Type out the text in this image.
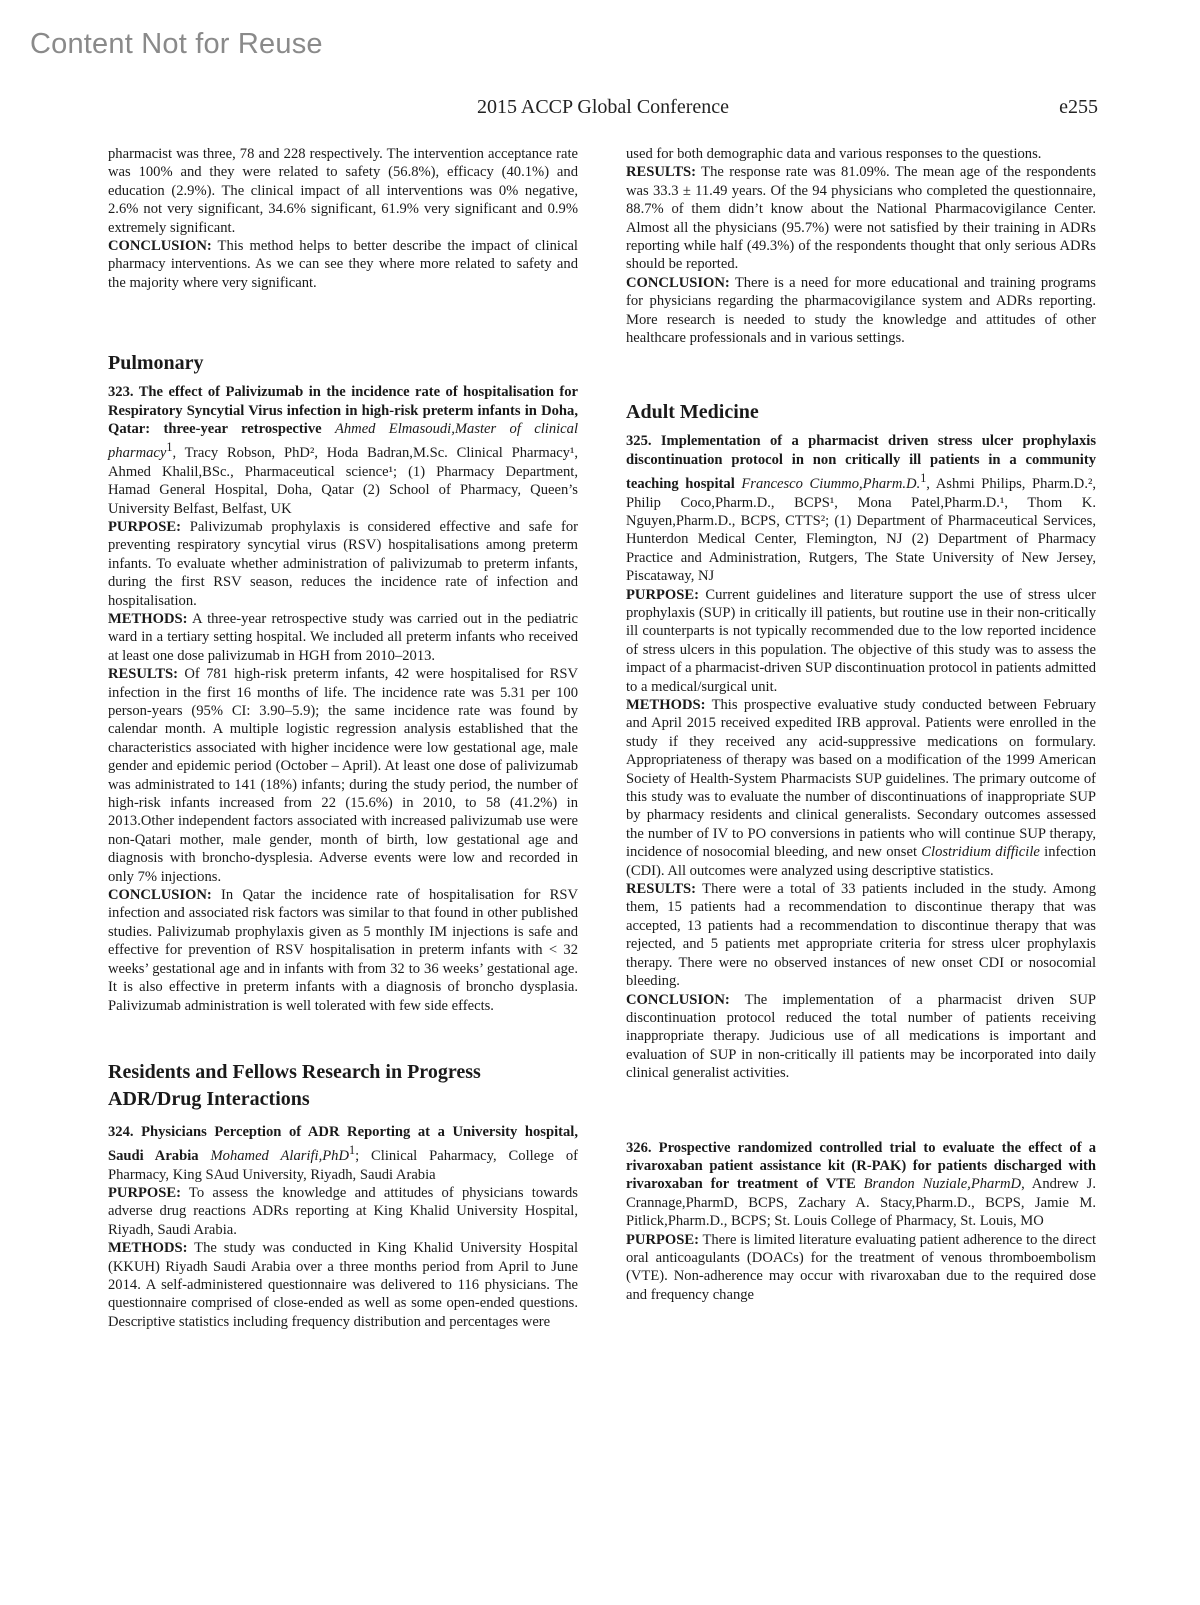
Content Not for Reuse
2015 ACCP Global Conference	e255

pharmacist was three, 78 and 228 respectively. The intervention acceptance rate was 100% and they were related to safety (56.8%), efficacy (40.1%) and education (2.9%). The clinical impact of all interventions was 0% negative, 2.6% not very significant, 34.6% significant, 61.9% very significant and 0.9% extremely significant.

CONCLUSION: This method helps to better describe the impact of clinical pharmacy interventions. As we can see they where more related to safety and the majority where very significant.

Pulmonary

323. The effect of Palivizumab in the incidence rate of hospitalisation for Respiratory Syncytial Virus infection in high-risk preterm infants in Doha, Qatar: three-year retrospective Ahmed Elmasoudi,Master of clinical pharmacy$^1$, Tracy Robson, PhD², Hoda Badran,M.Sc. Clinical Pharmacy¹, Ahmed Khalil,BSc., Pharmaceutical science¹; (1) Pharmacy Department, Hamad General Hospital, Doha, Qatar (2) School of Pharmacy, Queen’s University Belfast, Belfast, UK

PURPOSE: Palivizumab prophylaxis is considered effective and safe for preventing respiratory syncytial virus (RSV) hospitalisations among preterm infants. To evaluate whether administration of palivizumab to preterm infants, during the first RSV season, reduces the incidence rate of infection and hospitalisation.

METHODS: A three-year retrospective study was carried out in the pediatric ward in a tertiary setting hospital. We included all preterm infants who received at least one dose palivizumab in HGH from 2010–2013.

RESULTS: Of 781 high-risk preterm infants, 42 were hospitalised for RSV infection in the first 16 months of life. The incidence rate was 5.31 per 100 person-years (95% CI: 3.90–5.9); the same incidence rate was found by calendar month. A multiple logistic regression analysis established that the characteristics associated with higher incidence were low gestational age, male gender and epidemic period (October – April). At least one dose of palivizumab was administrated to 141 (18%) infants; during the study period, the number of high-risk infants increased from 22 (15.6%) in 2010, to 58 (41.2%) in 2013.Other independent factors associated with increased palivizumab use were non-Qatari mother, male gender, month of birth, low gestational age and diagnosis with broncho-dysplesia. Adverse events were low and recorded in only 7% injections.

CONCLUSION: In Qatar the incidence rate of hospitalisation for RSV infection and associated risk factors was similar to that found in other published studies. Palivizumab prophylaxis given as 5 monthly IM injections is safe and effective for prevention of RSV hospitalisation in preterm infants with < 32 weeks’ gestational age and in infants with from 32 to 36 weeks’ gestational age. It is also effective in preterm infants with a diagnosis of broncho dysplasia. Palivizumab administration is well tolerated with few side effects.

Residents and Fellows Research in Progress
ADR/Drug Interactions

324. Physicians Perception of ADR Reporting at a University hospital, Saudi Arabia Mohamed Alarifi,PhD$^1$; Clinical Paharmacy, College of Pharmacy, King SAud University, Riyadh, Saudi Arabia

PURPOSE: To assess the knowledge and attitudes of physicians towards adverse drug reactions ADRs reporting at King Khalid University Hospital, Riyadh, Saudi Arabia.

METHODS: The study was conducted in King Khalid University Hospital (KKUH) Riyadh Saudi Arabia over a three months period from April to June 2014. A self-administered questionnaire was delivered to 116 physicians. The questionnaire comprised of close-ended as well as some open-ended questions. Descriptive statistics including frequency distribution and percentages were

used for both demographic data and various responses to the questions.

RESULTS: The response rate was 81.09%. The mean age of the respondents was 33.3 ± 11.49 years. Of the 94 physicians who completed the questionnaire, 88.7% of them didn’t know about the National Pharmacovigilance Center. Almost all the physicians (95.7%) were not satisfied by their training in ADRs reporting while half (49.3%) of the respondents thought that only serious ADRs should be reported.

CONCLUSION: There is a need for more educational and training programs for physicians regarding the pharmacovigilance system and ADRs reporting. More research is needed to study the knowledge and attitudes of other healthcare professionals and in various settings.

Adult Medicine

325. Implementation of a pharmacist driven stress ulcer prophylaxis discontinuation protocol in non critically ill patients in a community teaching hospital Francesco Ciummo,Pharm.D.$^1$, Ashmi Philips, Pharm.D.², Philip Coco,Pharm.D., BCPS¹, Mona Patel,Pharm.D.¹, Thom K. Nguyen,Pharm.D., BCPS, CTTS²; (1) Department of Pharmaceutical Services, Hunterdon Medical Center, Flemington, NJ (2) Department of Pharmacy Practice and Administration, Rutgers, The State University of New Jersey, Piscataway, NJ

PURPOSE: Current guidelines and literature support the use of stress ulcer prophylaxis (SUP) in critically ill patients, but routine use in their non-critically ill counterparts is not typically recommended due to the low reported incidence of stress ulcers in this population. The objective of this study was to assess the impact of a pharmacist-driven SUP discontinuation protocol in patients admitted to a medical/surgical unit.

METHODS: This prospective evaluative study conducted between February and April 2015 received expedited IRB approval. Patients were enrolled in the study if they received any acid-suppressive medications on formulary. Appropriateness of therapy was based on a modification of the 1999 American Society of Health-System Pharmacists SUP guidelines. The primary outcome of this study was to evaluate the number of discontinuations of inappropriate SUP by pharmacy residents and clinical generalists. Secondary outcomes assessed the number of IV to PO conversions in patients who will continue SUP therapy, incidence of nosocomial bleeding, and new onset Clostridium difficile infection (CDI). All outcomes were analyzed using descriptive statistics.

RESULTS: There were a total of 33 patients included in the study. Among them, 15 patients had a recommendation to discontinue therapy that was accepted, 13 patients had a recommendation to discontinue therapy that was rejected, and 5 patients met appropriate criteria for stress ulcer prophylaxis therapy. There were no observed instances of new onset CDI or nosocomial bleeding.

CONCLUSION: The implementation of a pharmacist driven SUP discontinuation protocol reduced the total number of patients receiving inappropriate therapy. Judicious use of all medications is important and evaluation of SUP in non-critically ill patients may be incorporated into daily clinical generalist activities.

326. Prospective randomized controlled trial to evaluate the effect of a rivaroxaban patient assistance kit (R-PAK) for patients discharged with rivaroxaban for treatment of VTE Brandon Nuziale,PharmD, Andrew J. Crannage,PharmD, BCPS, Zachary A. Stacy,Pharm.D., BCPS, Jamie M. Pitlick,Pharm.D., BCPS; St. Louis College of Pharmacy, St. Louis, MO

PURPOSE: There is limited literature evaluating patient adherence to the direct oral anticoagulants (DOACs) for the treatment of venous thromboembolism (VTE). Non-adherence may occur with rivaroxaban due to the required dose and frequency change
